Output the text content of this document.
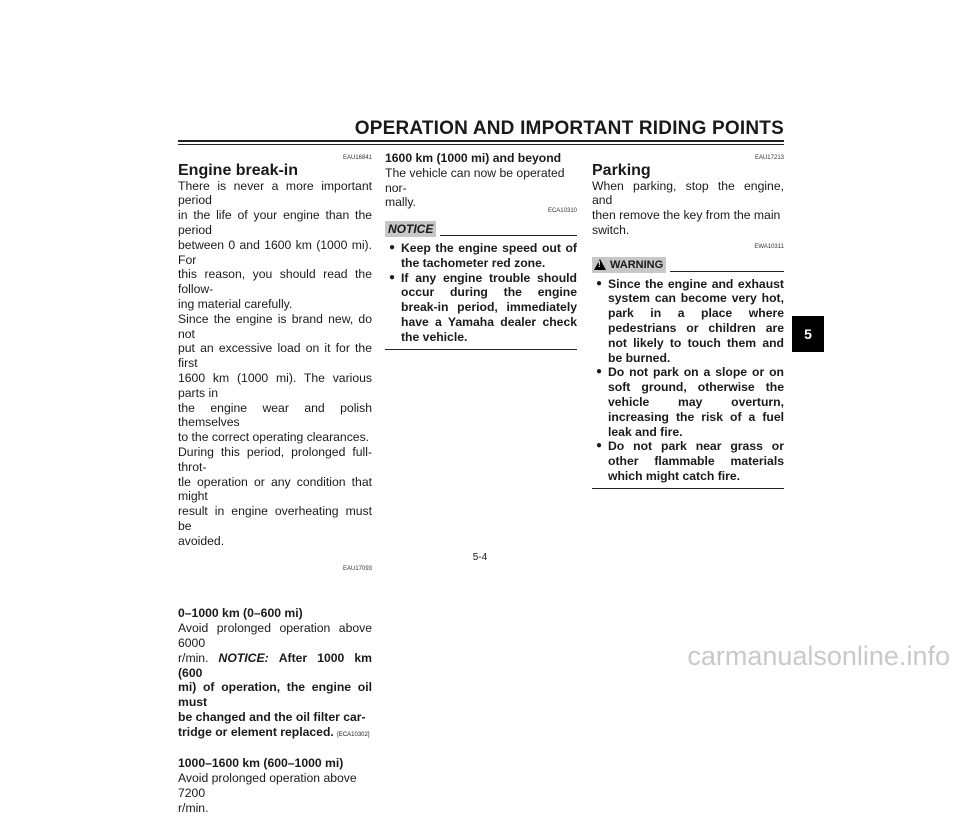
OPERATION AND IMPORTANT RIDING POINTS
EAU16841

Engine break-in

There is never a more important period

in the life of your engine than the period

between 0 and 1600 km (1000 mi). For

this reason, you should read the follow-

ing material carefully.

Since the engine is brand new, do not

put an excessive load on it for the first

1600 km (1000 mi). The various parts in

the engine wear and polish themselves

to the correct operating clearances.

During this period, prolonged full-throt-

tle operation or any condition that might

result in engine overheating must be

avoided.

EAU17093

0–1000 km (0–600 mi)

Avoid prolonged operation above 6000

r/min. NOTICE: After 1000 km (600

mi) of operation, the engine oil must

be changed and the oil filter car-

tridge or element replaced. [ECA10302]

1000–1600 km (600–1000 mi)

Avoid prolonged operation above 7200

r/min.

1600 km (1000 mi) and beyond

The vehicle can now be operated nor-

mally.

ECA10310
NOTICE
● Keep the engine speed out of the tachometer red zone.
● If any engine trouble should occur during the engine break-in period, immediately have a Yamaha dealer check the vehicle.
EAU17213

Parking

When parking, stop the engine, and

then remove the key from the main

switch.

EWA10311
! WARNING
● Since the engine and exhaust system can become very hot, park in a place where pedestrians or children are not likely to touch them and be burned.
● Do not park on a slope or on soft ground, otherwise the vehicle may overturn, increasing the risk of a fuel leak and fire.
● Do not park near grass or other flammable materials which might catch fire.
5
5-4
carmanualsonline.info
